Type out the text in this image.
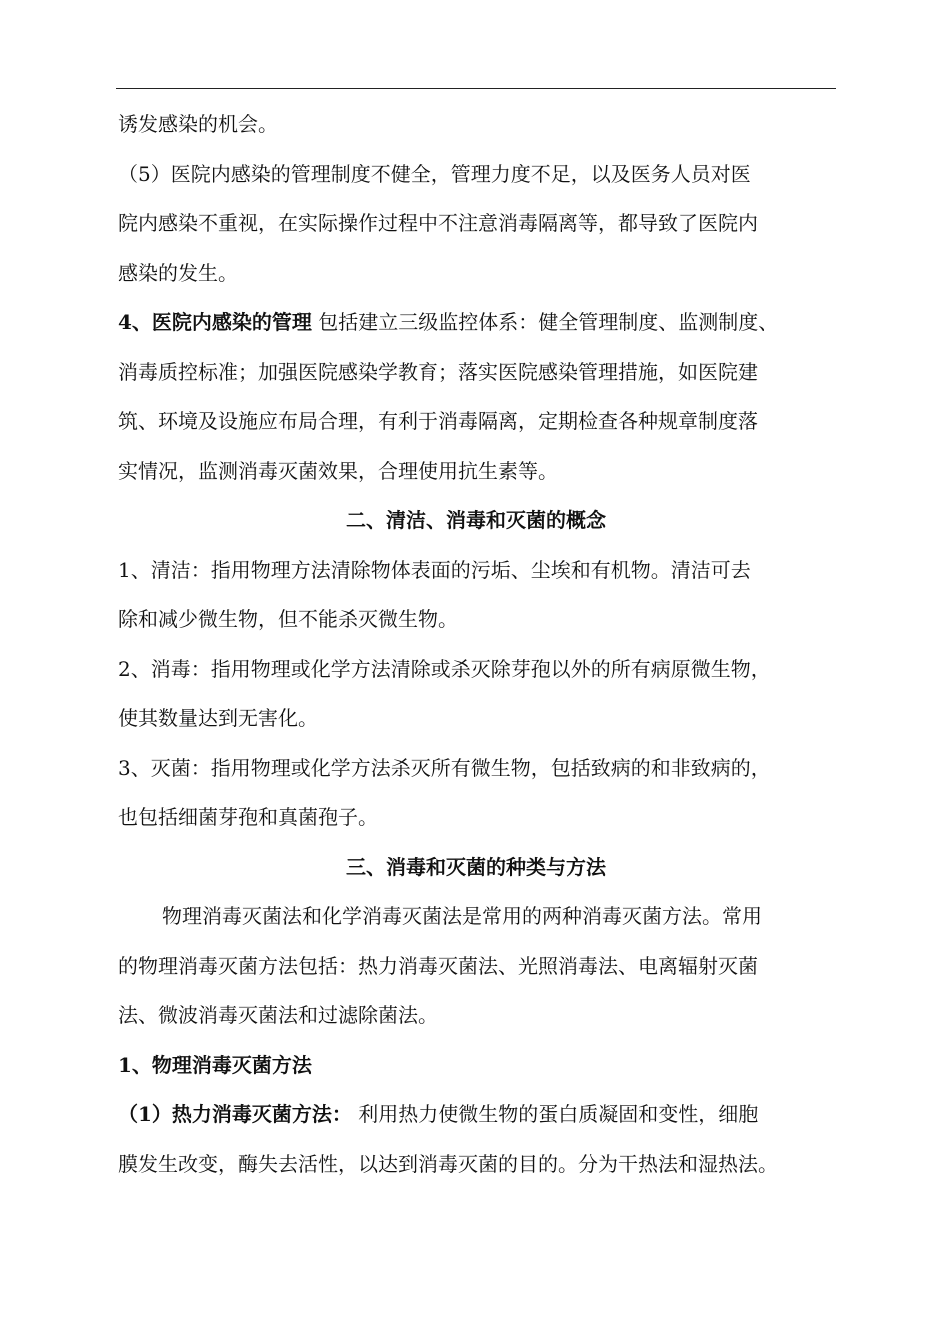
诱发感染的机会。
（5）医院内感染的管理制度不健全，管理力度不足，以及医务人员对医
院内感染不重视，在实际操作过程中不注意消毒隔离等，都导致了医院内
感染的发生。
4、医院内感染的管理 包括建立三级监控体系：健全管理制度、监测制度、
消毒质控标准；加强医院感染学教育；落实医院感染管理措施，如医院建
筑、环境及设施应布局合理，有利于消毒隔离，定期检查各种规章制度落
实情况，监测消毒灭菌效果，合理使用抗生素等。
二、清洁、消毒和灭菌的概念
1、清洁：指用物理方法清除物体表面的污垢、尘埃和有机物。清洁可去
除和减少微生物，但不能杀灭微生物。
2、消毒：指用物理或化学方法清除或杀灭除芽孢以外的所有病原微生物，
使其数量达到无害化。
3、灭菌：指用物理或化学方法杀灭所有微生物，包括致病的和非致病的，
也包括细菌芽孢和真菌孢子。
三、消毒和灭菌的种类与方法
物理消毒灭菌法和化学消毒灭菌法是常用的两种消毒灭菌方法。常用
的物理消毒灭菌方法包括：热力消毒灭菌法、光照消毒法、电离辐射灭菌
法、微波消毒灭菌法和过滤除菌法。
1、物理消毒灭菌方法
（1）热力消毒灭菌方法： 利用热力使微生物的蛋白质凝固和变性，细胞
膜发生改变，酶失去活性，以达到消毒灭菌的目的。分为干热法和湿热法。
